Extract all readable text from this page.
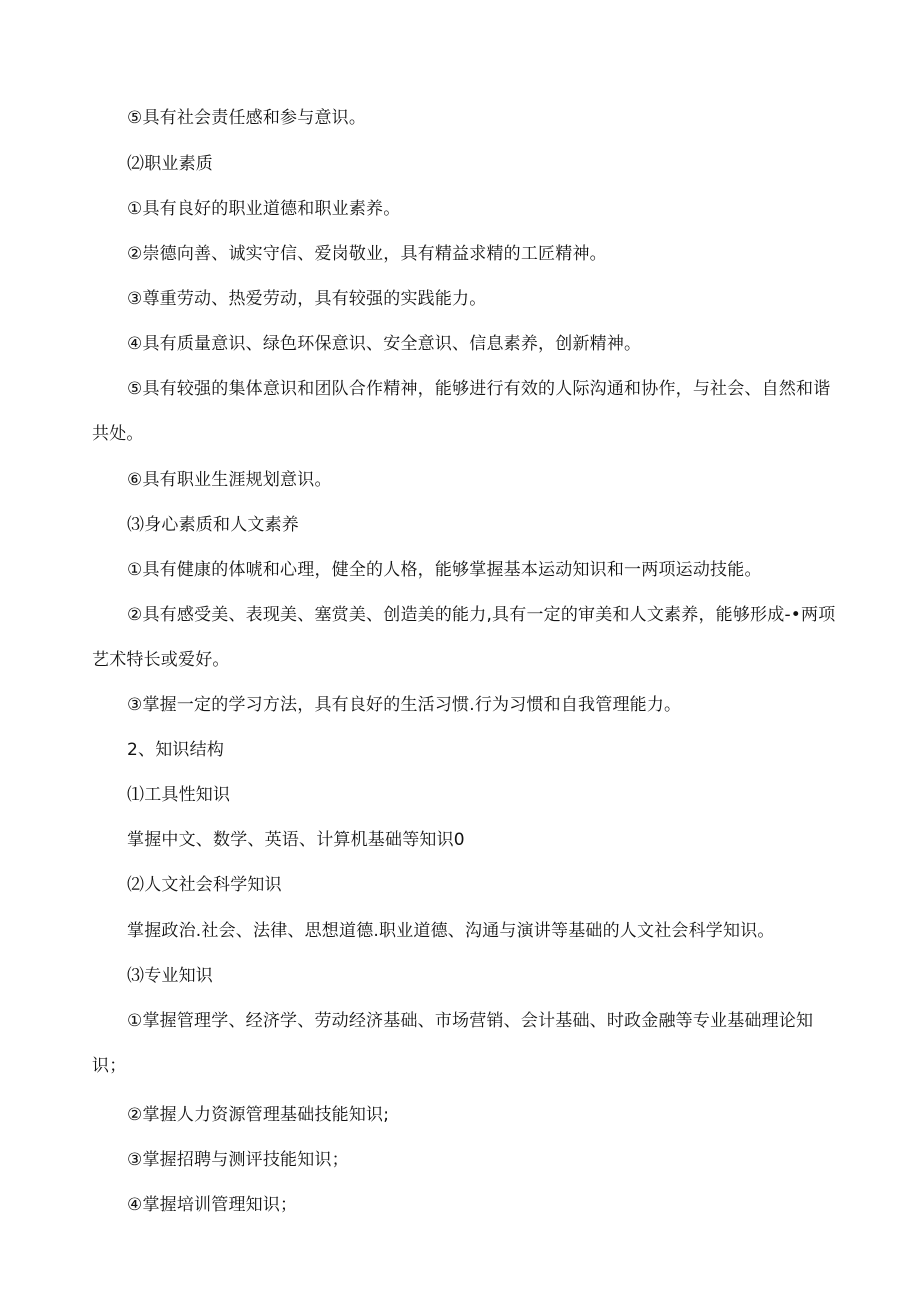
⑤具有社会责任感和参与意识。
⑵职业素质
①具有良好的职业道德和职业素养。
②崇德向善、诚实守信、爱岗敬业，具有精益求精的工匠精神。
③尊重劳动、热爱劳动，具有较强的实践能力。
④具有质量意识、绿色环保意识、安全意识、信息素养，创新精神。
⑤具有较强的集体意识和团队合作精神，能够进行有效的人际沟通和协作，与社会、自然和谐
共处。
⑥具有职业生涯规划意识。
⑶身心素质和人文素养
①具有健康的体唬和心理，健全的人格，能够掌握基本运动知识和一两项运动技能。
②具有感受美、表现美、塞赏美、创造美的能力,具有一定的审美和人文素养，能够形成-•两项
艺术特长或爱好。
③掌握一定的学习方法，具有良好的生活习惯.行为习惯和自我管理能力。
2、知识结构
⑴工具性知识
掌握中文、数学、英语、计算机基础等知识0
⑵人文社会科学知识
掌握政治.社会、法律、思想道德.职业道德、沟通与演讲等基础的人文社会科学知识。
⑶专业知识
①掌握管理学、经济学、劳动经济基础、市场营销、会计基础、时政金融等专业基础理论知
识；
②掌握人力资源管理基础技能知识;
③掌握招聘与测评技能知识；
④掌握培训管理知识；
